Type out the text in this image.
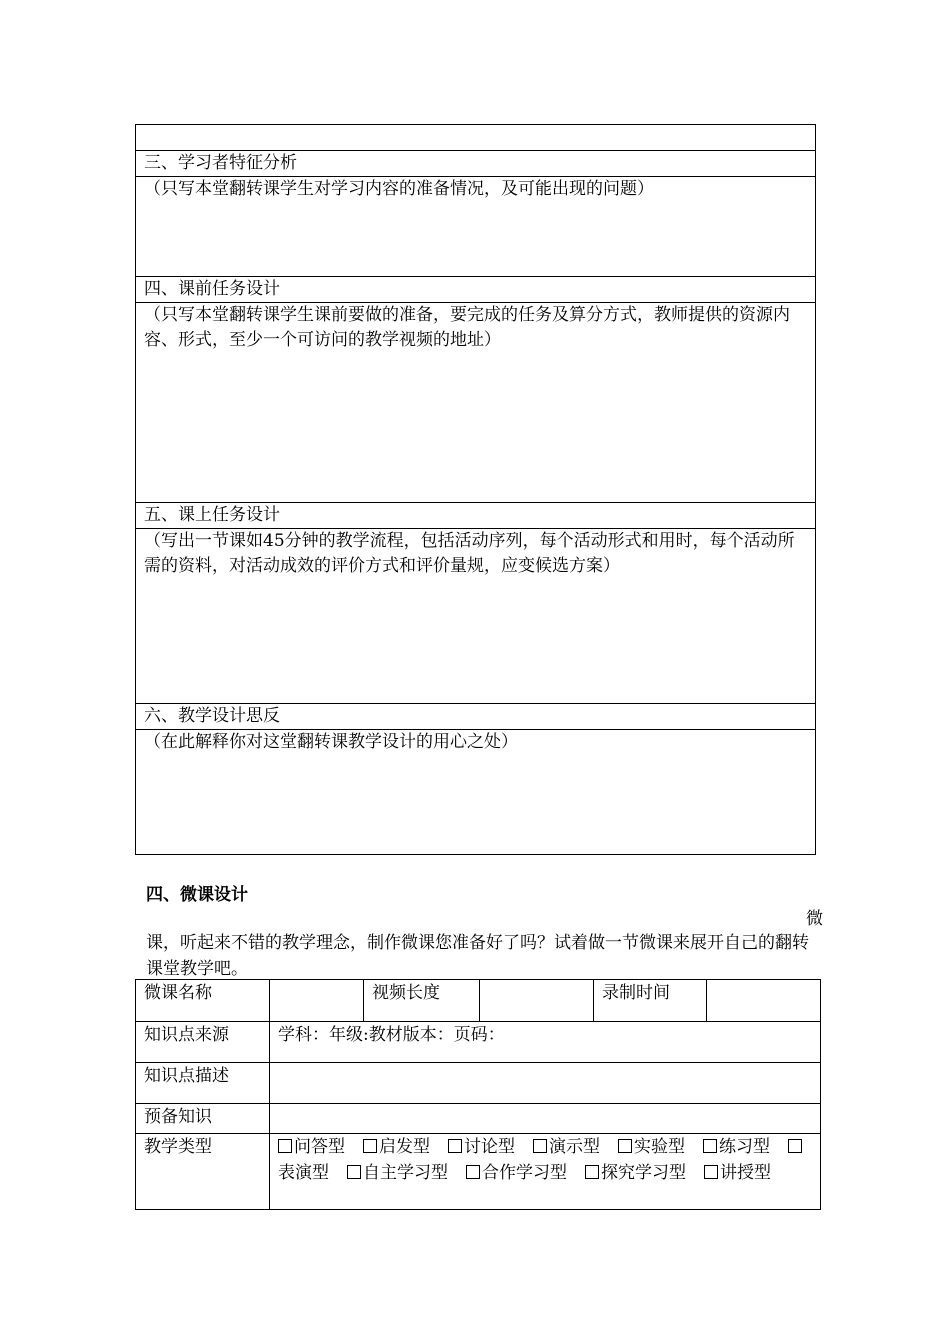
三、学习者特征分析
（只写本堂翻转课学生对学习内容的准备情况，及可能出现的问题）
四、课前任务设计
（只写本堂翻转课学生课前要做的准备，要完成的任务及算分方式，教师提供的资源内容、形式，至少一个可访问的教学视频的地址）
五、课上任务设计
（写出一节课如45分钟的教学流程，包括活动序列，每个活动形式和用时，每个活动所需的资料，对活动成效的评价方式和评价量规，应变候选方案）
六、教学设计思反
（在此解释你对这堂翻转课教学设计的用心之处）
四、微课设计
微
课，听起来不错的教学理念，制作微课您准备好了吗？试着做一节微课来展开自己的翻转课堂教学吧。
微课名称		视频长度		录制时间	
知识点来源	学科：年级:教材版本：页码：				
知识点描述					
预备知识					
教学类型	问答型 启发型 讨论型 演示型 实验型 练习型表演型 自主学习型 合作学习型 探究学习型 讲授型				
